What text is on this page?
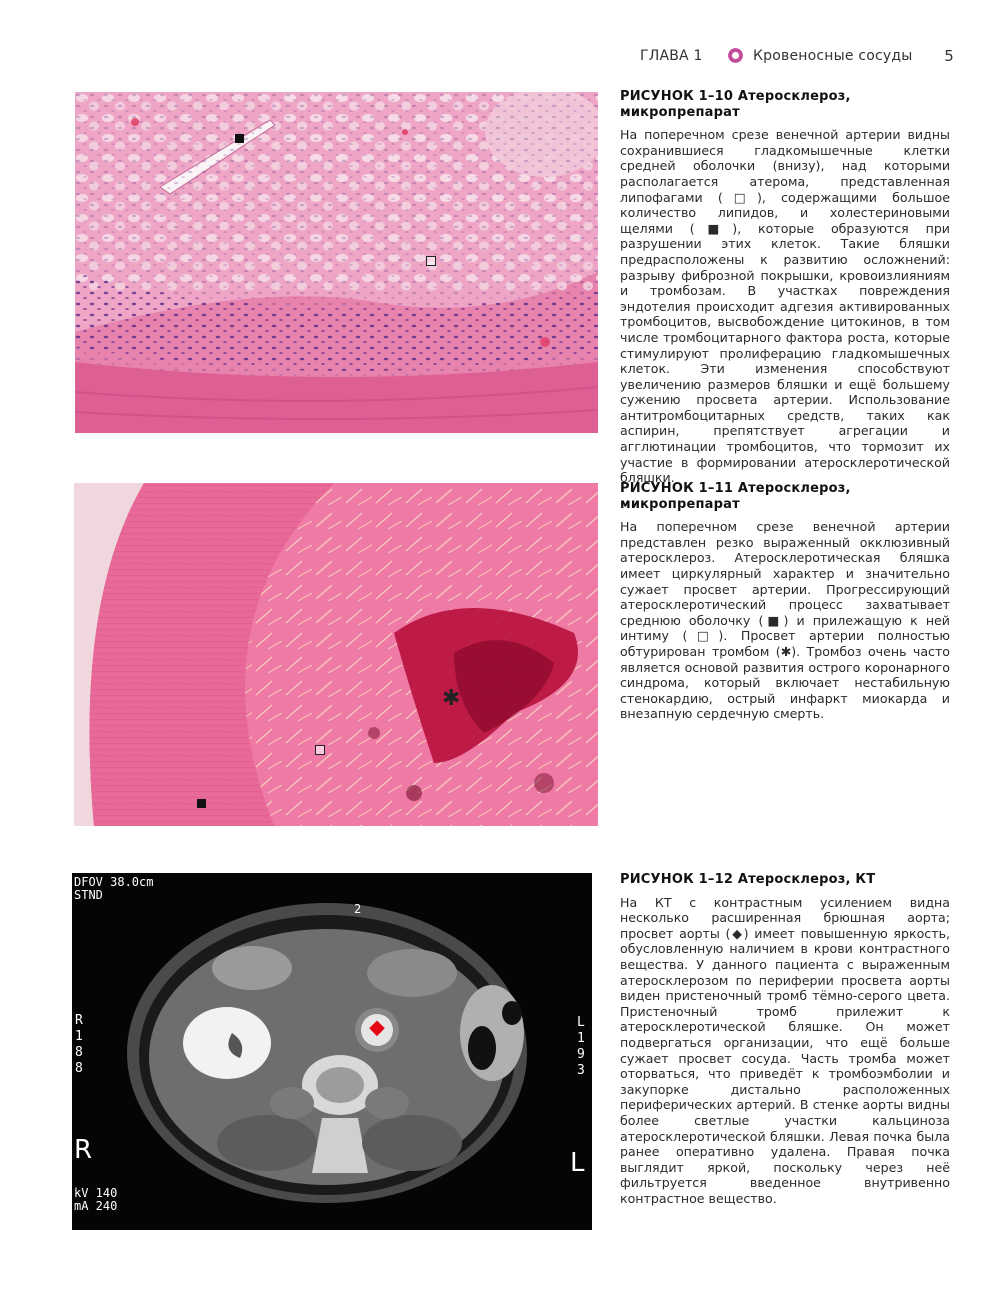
ГЛАВА 1	Кровеносные сосуды 5
РИСУНОК 1–10 Атеросклероз, микропрепарат
На поперечном срезе венечной артерии видны сохранившиеся гладкомышечные клетки средней оболочки (внизу), над которыми располагается атерома, представленная липофагами (□), содержащими большое количество липидов, и холестериновыми щелями (■), которые образуются при разрушении этих клеток. Такие бляшки предрасположены к развитию осложнений: разрыву фиброзной покрышки, кровоизлияниям и тромбозам. В участках повреждения эндотелия происходит адгезия активированных тромбоцитов, высвобождение цитокинов, в том числе тромбоцитарного фактора роста, которые стимулируют пролиферацию гладкомышечных клеток. Эти изменения способствуют увеличению размеров бляшки и ещё большему сужению просвета артерии. Использование антитромбоцитарных средств, таких как аспирин, препятствует агрегации и агглютинации тромбоцитов, что тормозит их участие в формировании атеросклеротической бляшки.
✱
РИСУНОК 1–11 Атеросклероз, микропрепарат
На поперечном срезе венечной артерии представлен резко выраженный окклюзивный атеросклероз. Атеросклеротическая бляшка имеет циркулярный характер и значительно сужает просвет артерии. Прогрессирующий атеросклеротический процесс захватывает среднюю оболочку (■) и прилежащую к ней интиму (□). Просвет артерии полностью обтурирован тромбом (✱). Тромбоз очень часто является основой развития острого коронарного синдрома, который включает нестабильную стенокардию, острый инфаркт миокарда и внезапную сердечную смерть.
DFOV 38.0cm
STND
2
R
1
8
8
L
1
9
3
R	L
kV 140
mA 240
РИСУНОК 1–12 Атеросклероз, КТ
На КТ с контрастным усилением видна несколько расширенная брюшная аорта; просвет аорты (◆) имеет повышенную яркость, обусловленную наличием в крови контрастного вещества. У данного пациента с выраженным атеросклерозом по периферии просвета аорты виден пристеночный тромб тёмно-серого цвета. Пристеночный тромб прилежит к атеросклеротической бляшке. Он может подвергаться организации, что ещё больше сужает просвет сосуда. Часть тромба может оторваться, что приведёт к тромбоэмболии и закупорке дистально расположенных периферических артерий. В стенке аорты видны более светлые участки кальциноза атеросклеротической бляшки. Левая почка была ранее оперативно удалена. Правая почка выглядит яркой, поскольку через неё фильтруется введенное внутривенно контрастное вещество.
